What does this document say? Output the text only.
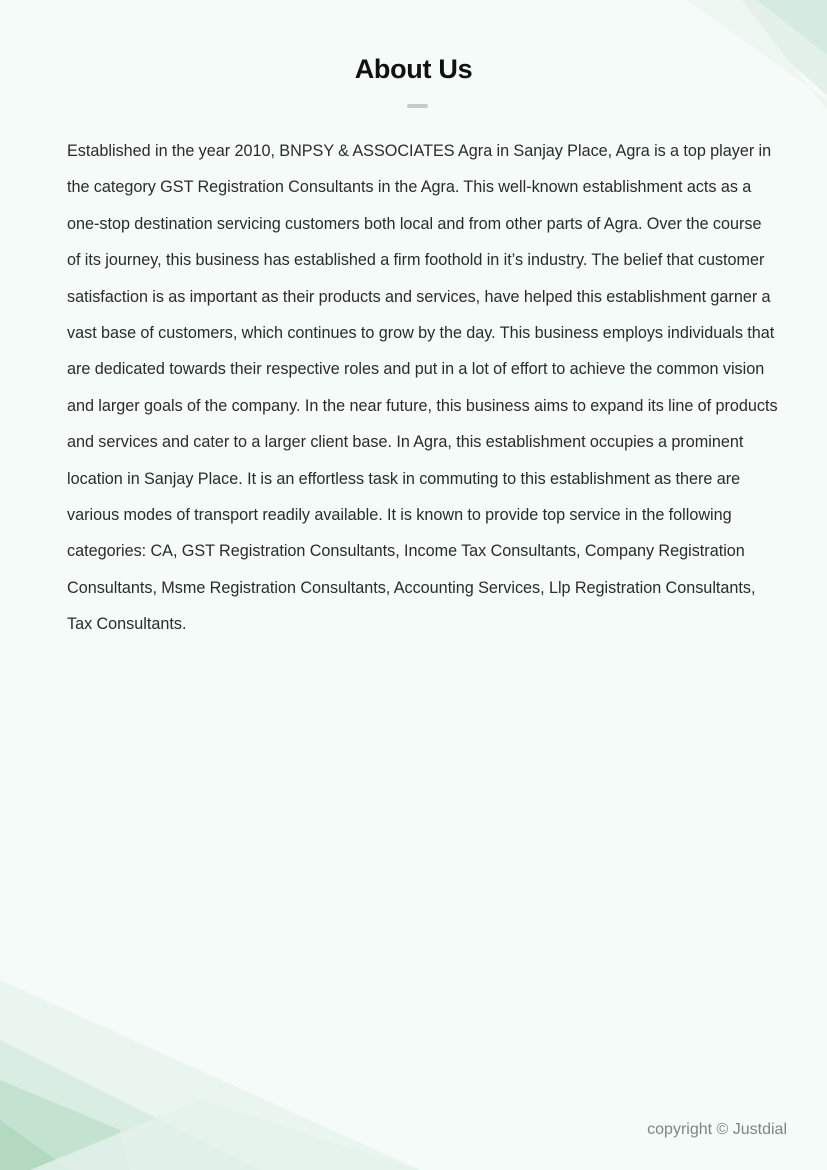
About Us

Established in the year 2010, BNPSY & ASSOCIATES Agra in Sanjay Place, Agra is a top player in the category GST Registration Consultants in the Agra. This well-known establishment acts as a one-stop destination servicing customers both local and from other parts of Agra. Over the course of its journey, this business has established a firm foothold in it’s industry. The belief that customer satisfaction is as important as their products and services, have helped this establishment garner a vast base of customers, which continues to grow by the day. This business employs individuals that are dedicated towards their respective roles and put in a lot of effort to achieve the common vision and larger goals of the company. In the near future, this business aims to expand its line of products and services and cater to a larger client base. In Agra, this establishment occupies a prominent location in Sanjay Place. It is an effortless task in commuting to this establishment as there are various modes of transport readily available. It is known to provide top service in the following categories: CA, GST Registration Consultants, Income Tax Consultants, Company Registration Consultants, Msme Registration Consultants, Accounting Services, Llp Registration Consultants, Tax Consultants.

copyright © Justdial
